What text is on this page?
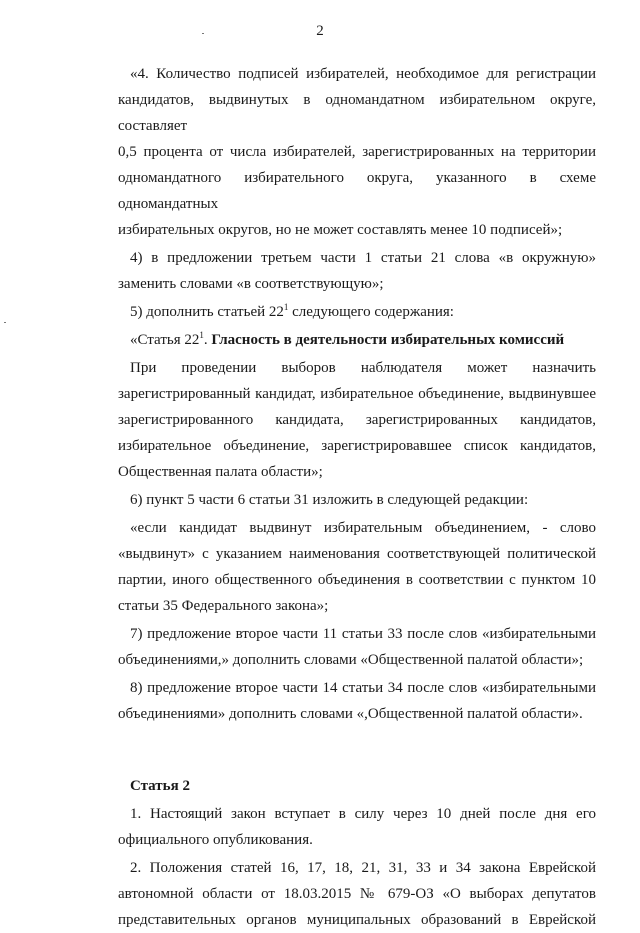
2

«4. Количество подписей избирателей, необходимое для регистрации

кандидатов, выдвинутых в одномандатном избирательном округе, составляет

0,5 процента от числа избирателей, зарегистрированных на территории

одномандатного избирательного округа, указанного в схеме одномандатных

избирательных округов, но не может составлять менее 10 подписей»;

4) в предложении третьем части 1 статьи 21 слова «в окружную»

заменить словами «в соответствующую»;

5) дополнить статьей $22^1$ следующего содержания:

«Статья $22^1$. Гласность в деятельности избирательных комиссий

При проведении выборов наблюдателя может назначить

зарегистрированный кандидат, избирательное объединение, выдвинувшее

зарегистрированного кандидата, зарегистрированных кандидатов,

избирательное объединение, зарегистрировавшее список кандидатов,

Общественная палата области»;

6) пункт 5 части 6 статьи 31 изложить в следующей редакции:

«если кандидат выдвинут избирательным объединением, - слово

«выдвинут» с указанием наименования соответствующей политической

партии, иного общественного объединения в соответствии с пунктом 10

статьи 35 Федерального закона»;

7) предложение второе части 11 статьи 33 после слов «избирательными

объединениями,» дополнить словами «Общественной палатой области»;

8) предложение второе части 14 статьи 34 после слов «избирательными

объединениями» дополнить словами «,Общественной палатой области».

Статья 2

1. Настоящий закон вступает в силу через 10 дней после дня его

официального опубликования.

2. Положения статей 16, 17, 18, 21, 31, 33 и 34 закона Еврейской

автономной области от 18.03.2015 № 679-ОЗ «О выборах депутатов

представительных органов муниципальных образований в Еврейской
